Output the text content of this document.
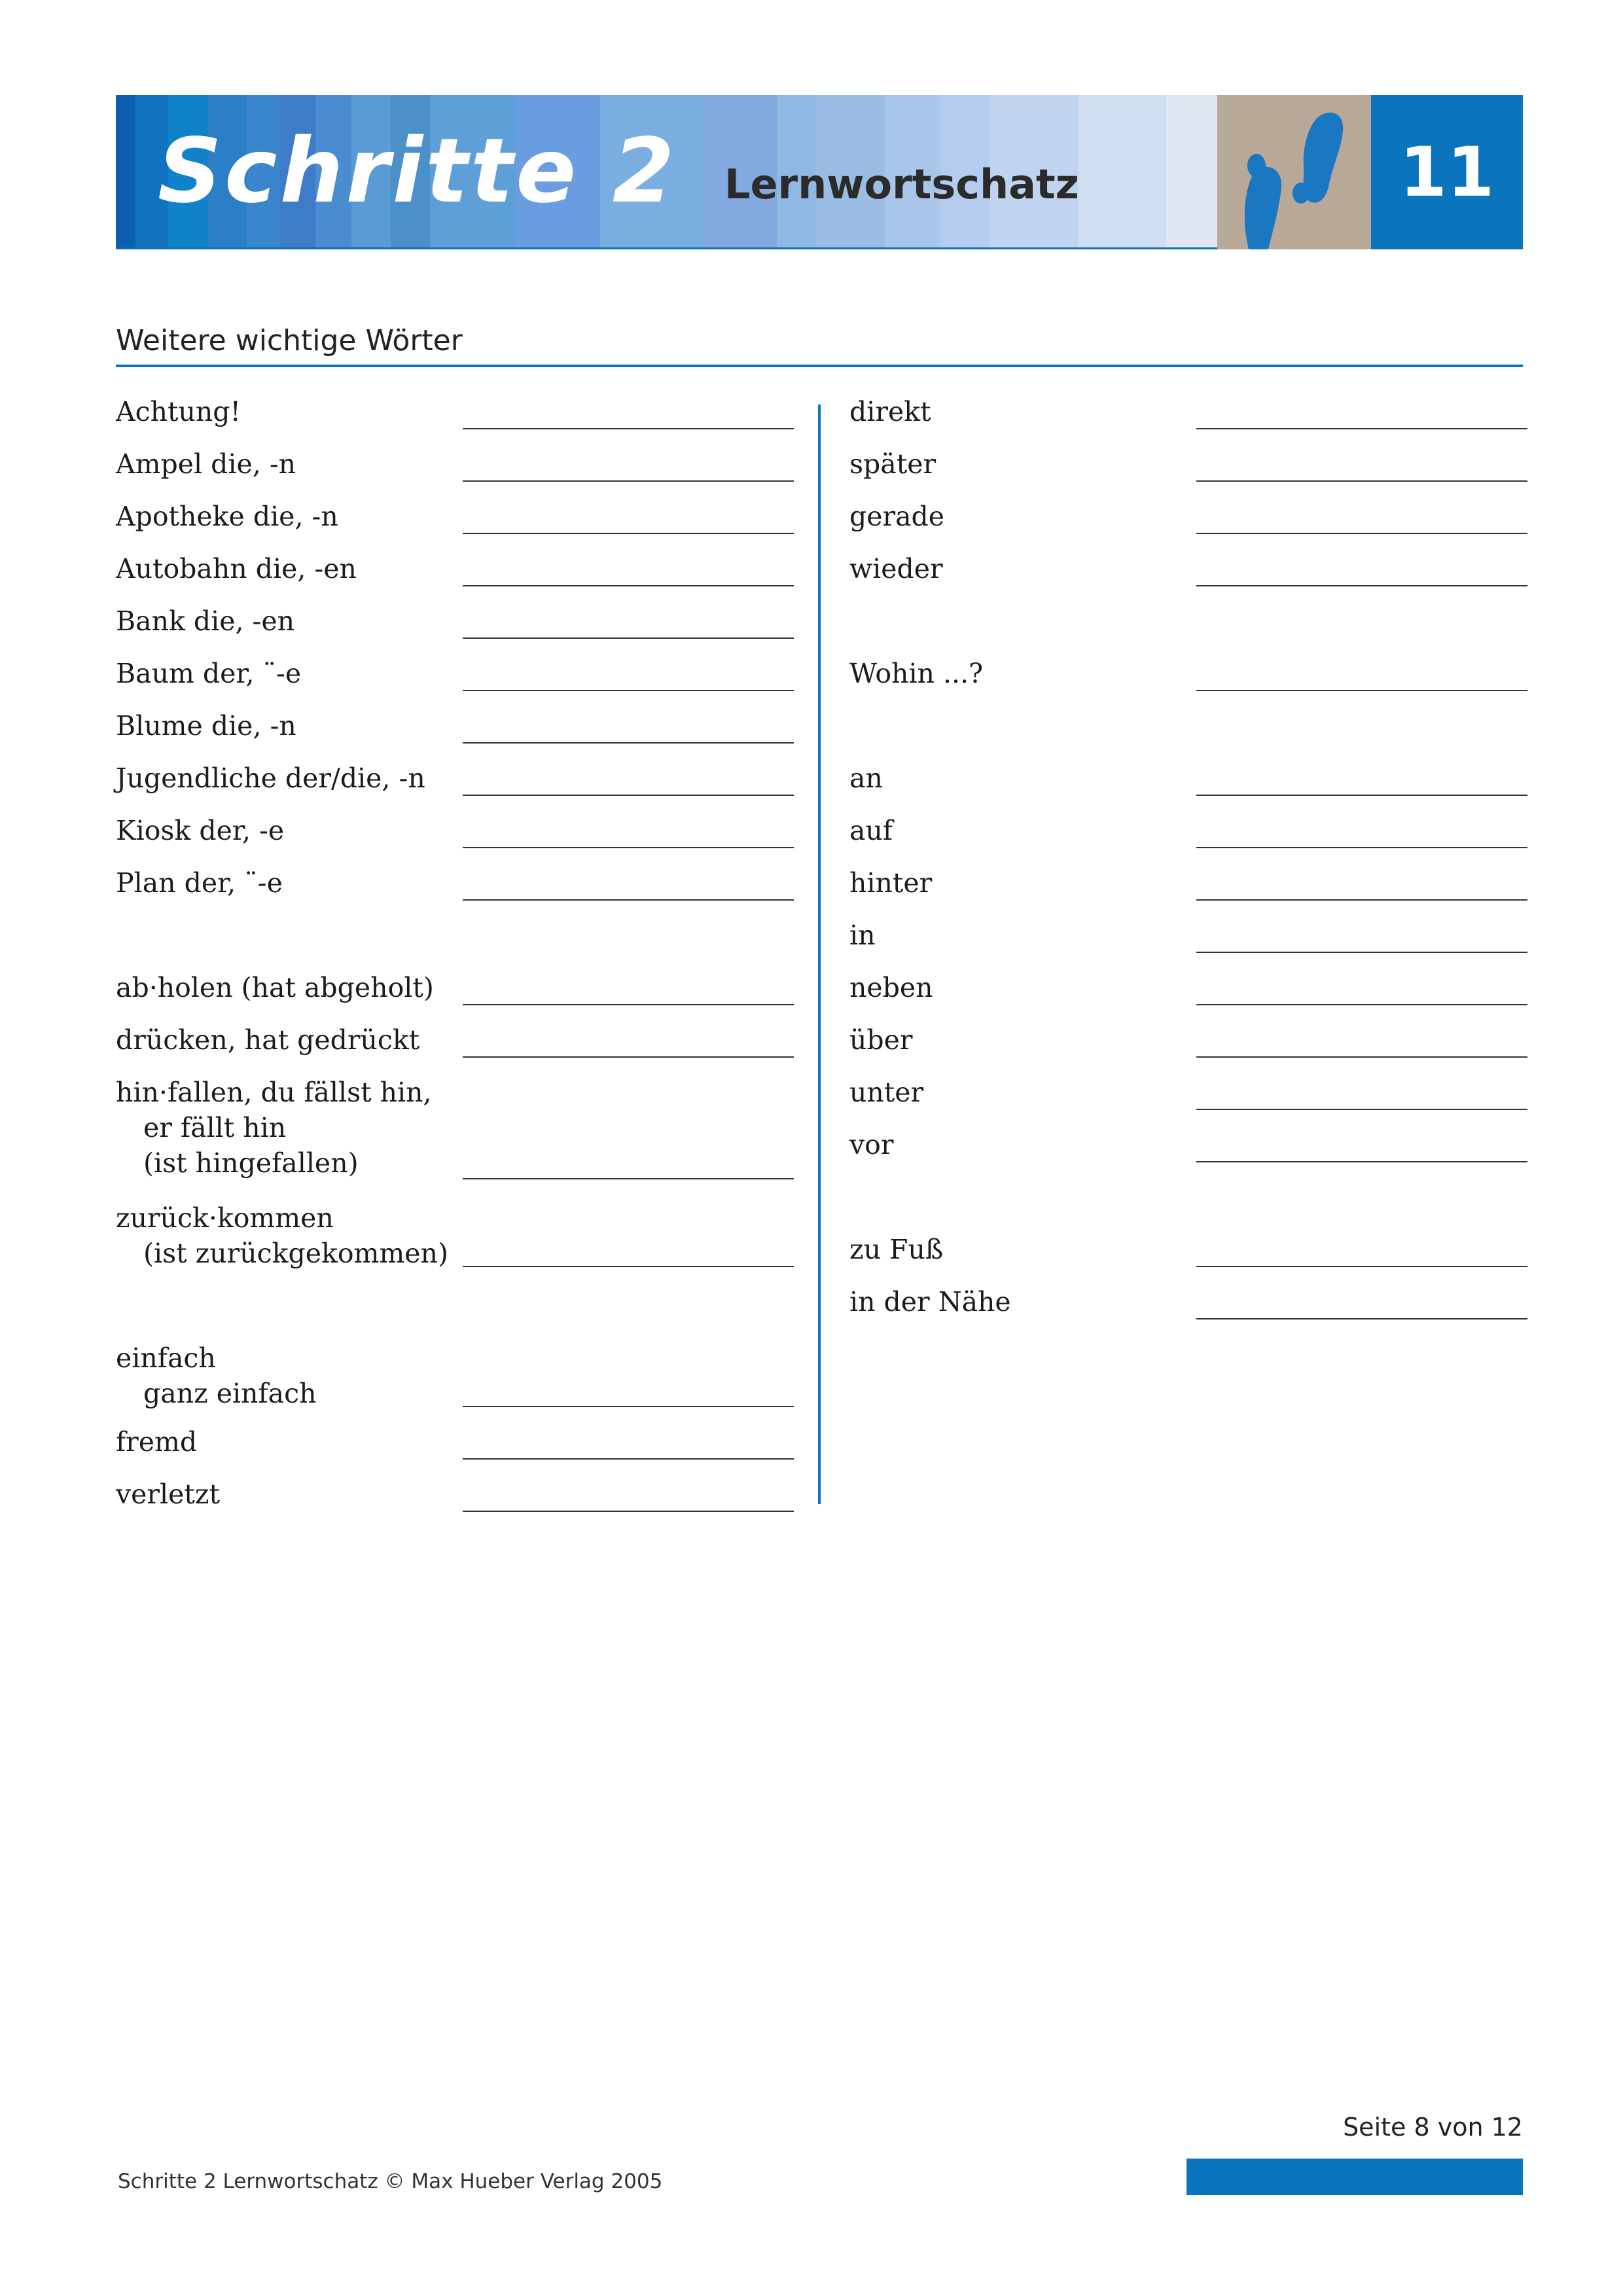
Schritte 2 Lernwortschatz	11
Weitere wichtige Wörter
Achtung!
Ampel die, -n
Apotheke die, -n
Autobahn die, -en
Bank die, -en
Baum der, ¨-e
Blume die, -n
Jugendliche der/die, -n
Kiosk der, -e
Plan der, ¨-e
ab·holen (hat abgeholt)
drücken, hat gedrückt
hin·fallen, du fällst hin,
er fällt hin
(ist hingefallen)
zurück·kommen
(ist zurückgekommen)
einfach
ganz einfach
fremd
verletzt
direkt
später
gerade
wieder
Wohin ...?
an
auf
hinter
in
neben
über
unter
vor
zu Fuß
in der Nähe
Seite 8 von 12
Schritte 2 Lernwortschatz © Max Hueber Verlag 2005
